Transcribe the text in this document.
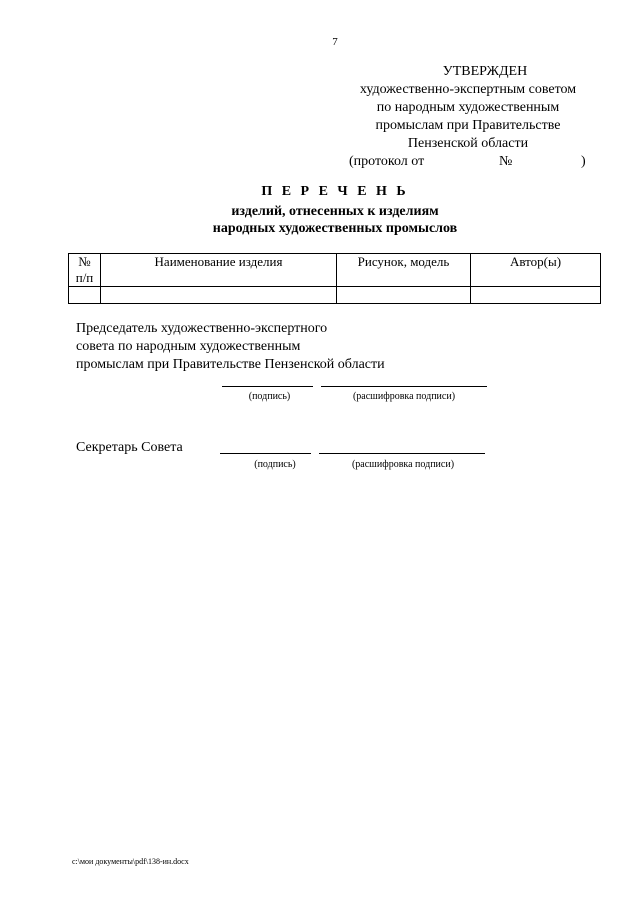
7
УТВЕРЖДЕН
художественно-экспертным советом
по народным художественным
промыслам при Правительстве
Пензенской области
(протокол от	№	)
П Е Р Е Ч Е Н Ь
изделий, отнесенных к изделиям
народных художественных промыслов
№
п/п	Наименование изделия	Рисунок, модель	Автор(ы)

Председатель художественно-экспертного
совета по народным художественным
промыслам при Правительстве Пензенской области
(подпись)	(расшифровка подписи)
Секретарь Совета
(подпись)	(расшифровка подписи)
c:\мои документы\pdf\138-ин.docx
